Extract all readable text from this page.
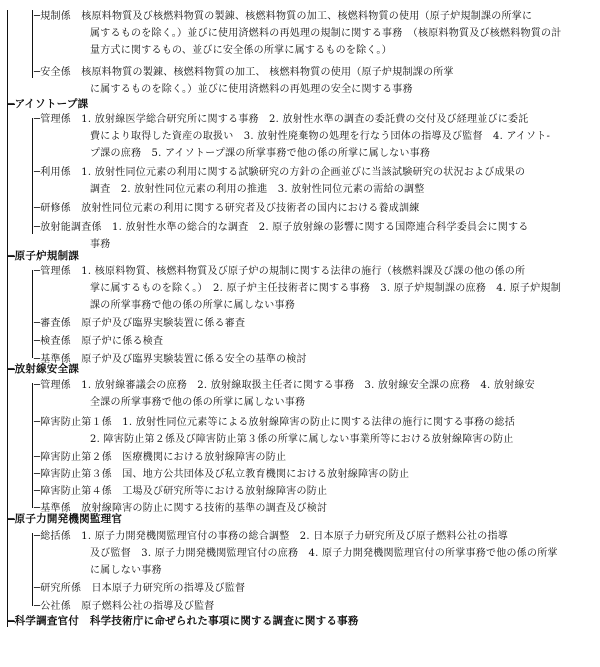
─規制係　核原料物質及び核燃料物質の製錬、核燃料物質の加工、核燃料物質の使用（原子炉規制課の所掌に
属するものを除く。）並びに使用済燃料の再処理の規制に関する事務　（核原料物質及び核燃料物質の計
量方式に関するもの、並びに安全係の所掌に属するものを除く。）
─安全係　核原料物質の製錬、核燃料物質の加工、 核燃料物質の使用（原子炉規制課の所掌
に属するものを除く。）並びに使用済燃料の再処理の安全に関する事務
─アイソトープ課
─管理係　1. 放射線医学総合研究所に関する事務　2. 放射性水準の調査の委託費の交付及び経理並びに委託
費により取得した資産の取扱い　3. 放射性廃棄物の処理を行なう団体の指導及び監督　4. アイソト-
プ課の庶務　5. アイソトープ課の所掌事務で他の係の所掌に属しない事務
─利用係　1. 放射性同位元素の利用に関する試験研究の方針の企画並びに当該試験研究の状況および成果の
調査　2. 放射性同位元素の利用の推進　3. 放射性同位元素の需給の調整
─研修係　放射性同位元素の利用に関する研究者及び技術者の国内における養成訓練
─放射能調査係　1. 放射性水準の総合的な調査　2. 原子放射線の影響に関する国際連合科学委員会に関する
事務
─原子炉規制課
─管理係　1. 核原料物質、核燃料物質及び原子炉の規制に関する法律の施行（核燃料課及び課の他の係の所
掌に属するものを除く。）　2. 原子炉主任技術者に関する事務　3. 原子炉規制課の庶務　4. 原子炉規制
課の所掌事務で他の係の所掌に属しない事務
─審査係　原子炉及び臨界実験装置に係る審査
─検査係　原子炉に係る検査
─基準係　原子炉及び臨界実験装置に係る安全の基準の検討
─放射線安全課
─管理係　1. 放射線審議会の庶務　2. 放射線取扱主任者に関する事務　3. 放射線安全課の庶務　4. 放射線安
全課の所掌事務で他の係の所掌に属しない事務
─障害防止第１係　1. 放射性同位元素等による放射線障害の防止に関する法律の施行に関する事務の総括
2. 障害防止第２係及び障害防止第３係の所掌に属しない事業所等における放射線障害の防止
─障害防止第２係　医療機関における放射線障害の防止
─障害防止第３係　国、地方公共団体及び私立教育機関における放射線障害の防止
─障害防止第４係　工場及び研究所等における放射線障害の防止
─基準係　放射線障害の防止に関する技術的基準の調査及び検討
─原子力開発機関監理官
─総括係　1. 原子力開発機関監理官付の事務の総合調整　2. 日本原子力研究所及び原子燃料公社の指導
及び監督　3. 原子力開発機関監理官付の庶務　4. 原子力開発機関監理官付の所掌事務で他の係の所掌
に属しない事務
─研究所係　日本原子力研究所の指導及び監督
─公社係　原子燃料公社の指導及び監督
─科学調査官付　科学技術庁に命ぜられた事項に関する調査に関する事務
